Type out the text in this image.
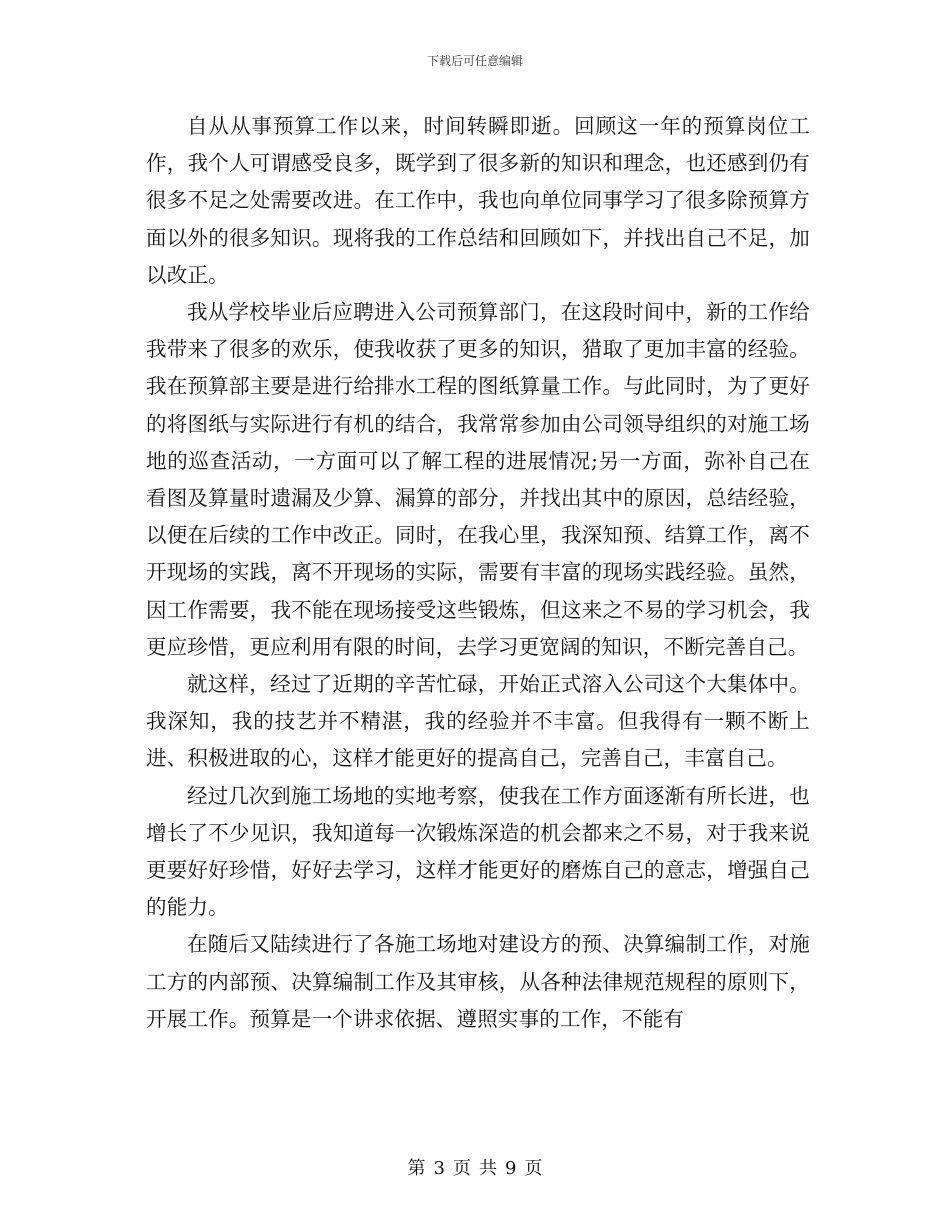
下载后可任意编辑

自从从事预算工作以来，时间转瞬即逝。回顾这一年的预算岗位工作，我个人可谓感受良多，既学到了很多新的知识和理念，也还感到仍有很多不足之处需要改进。在工作中，我也向单位同事学习了很多除预算方面以外的很多知识。现将我的工作总结和回顾如下，并找出自己不足，加以改正。

我从学校毕业后应聘进入公司预算部门，在这段时间中，新的工作给我带来了很多的欢乐，使我收获了更多的知识，猎取了更加丰富的经验。我在预算部主要是进行给排水工程的图纸算量工作。与此同时，为了更好的将图纸与实际进行有机的结合，我常常参加由公司领导组织的对施工场地的巡查活动，一方面可以了解工程的进展情况;另一方面，弥补自己在看图及算量时遗漏及少算、漏算的部分，并找出其中的原因，总结经验，以便在后续的工作中改正。同时，在我心里，我深知预、结算工作，离不开现场的实践，离不开现场的实际，需要有丰富的现场实践经验。虽然，因工作需要，我不能在现场接受这些锻炼，但这来之不易的学习机会，我更应珍惜，更应利用有限的时间，去学习更宽阔的知识，不断完善自己。

就这样，经过了近期的辛苦忙碌，开始正式溶入公司这个大集体中。我深知，我的技艺并不精湛，我的经验并不丰富。但我得有一颗不断上进、积极进取的心，这样才能更好的提高自己，完善自己，丰富自己。

经过几次到施工场地的实地考察，使我在工作方面逐渐有所长进，也增长了不少见识，我知道每一次锻炼深造的机会都来之不易，对于我来说更要好好珍惜，好好去学习，这样才能更好的磨炼自己的意志，增强自己的能力。

在随后又陆续进行了各施工场地对建设方的预、决算编制工作，对施工方的内部预、决算编制工作及其审核，从各种法律规范规程的原则下，开展工作。预算是一个讲求依据、遵照实事的工作，不能有

第 3 页 共 9 页
